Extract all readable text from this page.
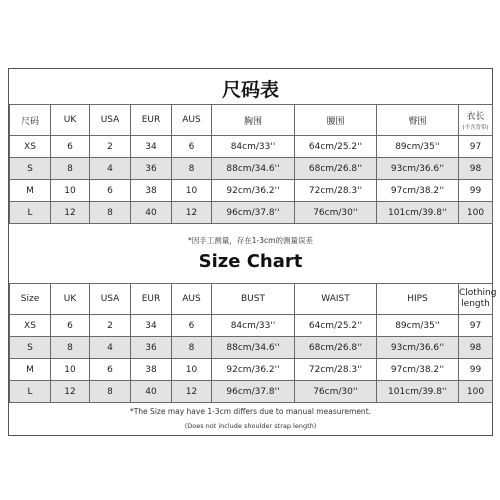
尺码表
尺码	UK	USA	EUR	AUS	胸围	腰围	臀围	衣长
(不含背带)

XS	6	2	34	6	84cm/33''	64cm/25.2''	89cm/35''	97
S	8	4	36	8	88cm/34.6''	68cm/26.8''	93cm/36.6''	98
M	10	6	38	10	92cm/36.2''	72cm/28.3''	97cm/38.2''	99
L	12	8	40	12	96cm/37.8''	76cm/30''	101cm/39.8''	100
*因手工测量，存在1-3cm的测量误差
Size Chart
Size	UK	USA	EUR	AUS	BUST	WAIST	HIPS	Clothing length
XS	6	2	34	6	84cm/33''	64cm/25.2''	89cm/35''	97
S	8	4	36	8	88cm/34.6''	68cm/26.8''	93cm/36.6''	98
M	10	6	38	10	92cm/36.2''	72cm/28.3''	97cm/38.2''	99
L	12	8	40	12	96cm/37.8''	76cm/30''	101cm/39.8''	100
*The Size may have 1-3cm differs due to manual measurement.
(Does not include shoulder strap length)
